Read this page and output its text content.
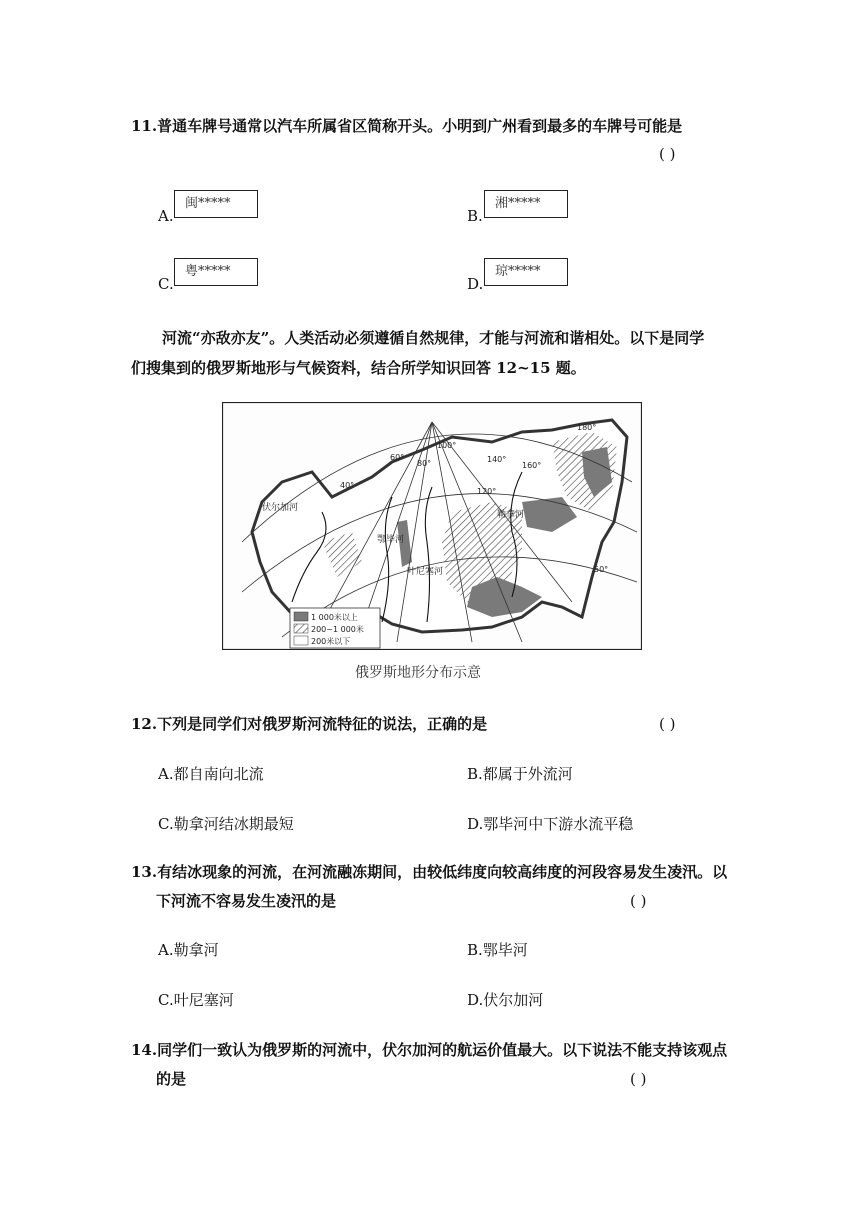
11.普通车牌号通常以汽车所属省区简称开头。小明到广州看到最多的车牌号可能是
( )
A.
闽*****
B.
湘*****
C.
粤*****
D.
琼*****
河流“亦敌亦友”。人类活动必须遵循自然规律，才能与河流和谐相处。以下是同学
们搜集到的俄罗斯地形与气候资料，结合所学知识回答 12~15 题。
100°
80°
60°
120°
140°
160°
180°
40°
50°
伏尔加河
鄂毕河
叶尼塞河
勒拿河
1 000米以上
200~1 000米
200米以下
俄罗斯地形分布示意
12.下列是同学们对俄罗斯河流特征的说法，正确的是	( )
A.都自南向北流	B.都属于外流河
C.勒拿河结冰期最短	D.鄂毕河中下游水流平稳
13.有结冰现象的河流，在河流融冻期间，由较低纬度向较高纬度的河段容易发生凌汛。以
下河流不容易发生凌汛的是	( )
A.勒拿河	B.鄂毕河
C.叶尼塞河	D.伏尔加河
14.同学们一致认为俄罗斯的河流中，伏尔加河的航运价值最大。以下说法不能支持该观点
的是	( )
